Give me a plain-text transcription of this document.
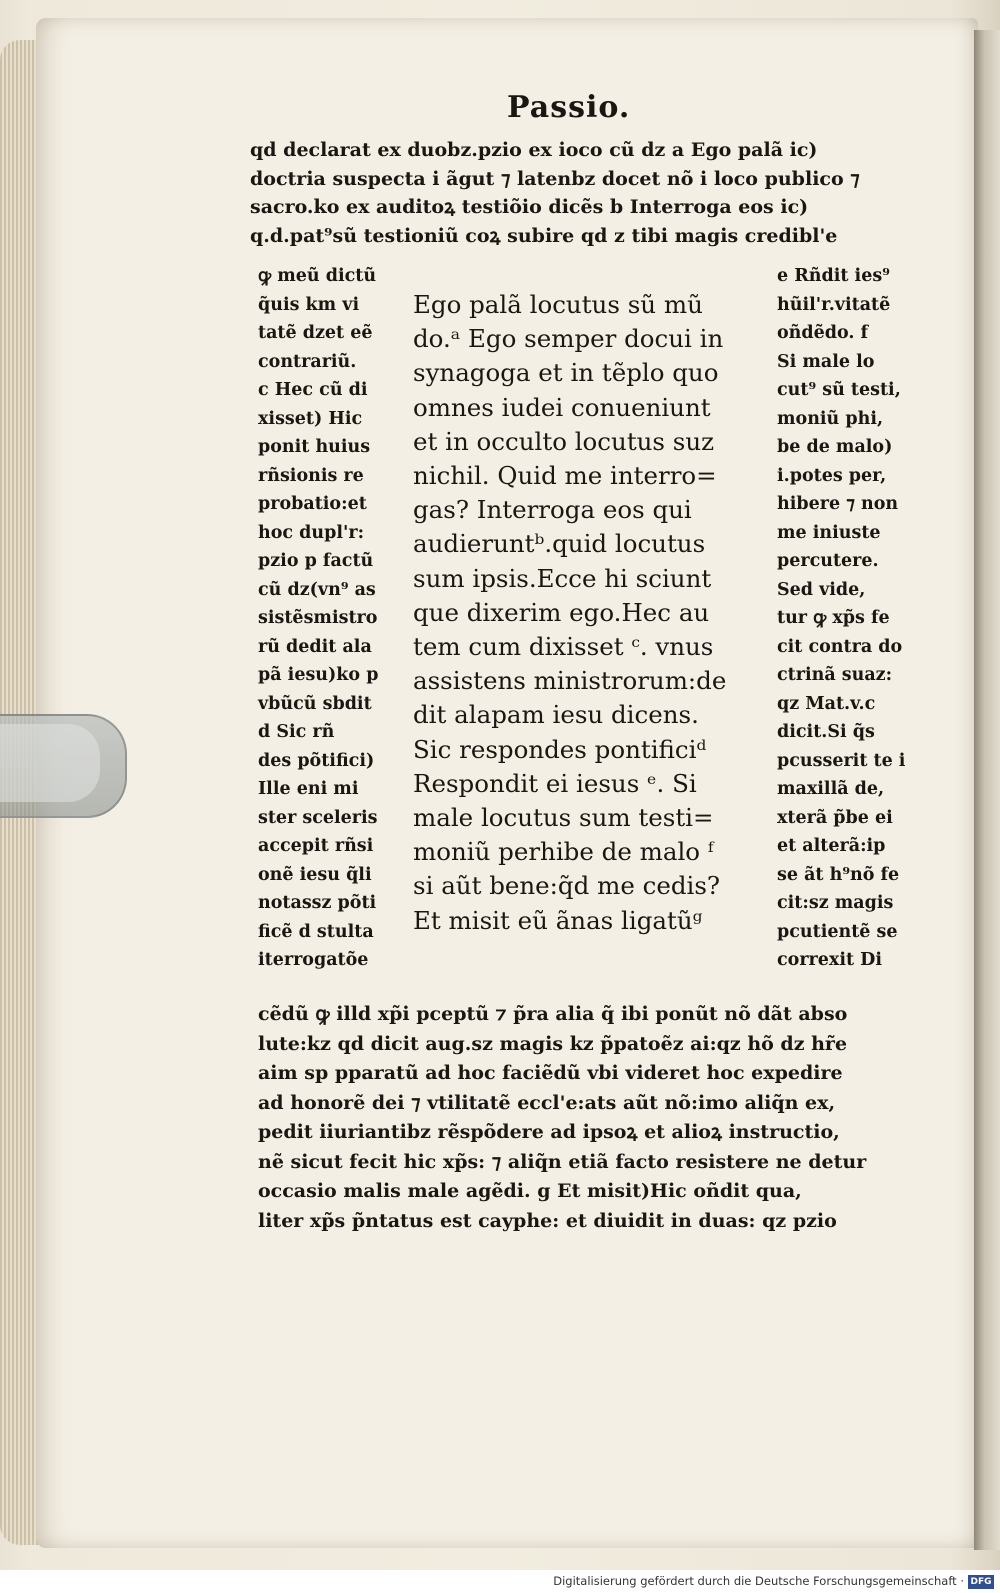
Passio.
qd declarat ex duobz.pzio ex ioco cũ dz a Ego palã ic)
doctria suspecta i ãgut ⁊ latenbz docet nõ i loco publico ⁊
sacro.ko ex auditoꝝ testiõio dicẽs b Interroga eos ic)
q.d.pat⁹sũ testioniũ coꝝ subire qd z tibi magis credibl'e
ꝙ meũ dictũ
q̃uis km vi
tatẽ dzet eẽ
contrariũ.
c Hec cũ di
xisset) Hic
ponit huius
rñsionis re
probatio:et
hoc dupl'r:
pzio p factũ
cũ dz(vn⁹ as
sistẽsmistro
rũ dedit ala
pã iesu)ko p
vbũcũ sbdit
d Sic rñ
des põtifici)
Ille eni mi
ster sceleris
accepit rñsi
onẽ iesu q̃li
notassz põti
ficẽ d stulta
iterrogatõe
Ego palã locutus sũ mũ
do.ᵃ Ego semper docui in
synagoga et in tẽplo quo
omnes iudei conueniunt
et in occulto locutus suz
nichil. Quid me interro=
gas? Interroga eos qui
audieruntᵇ.quid locutus
sum ipsis.Ecce hi sciunt
que dixerim ego.Hec au
tem cum dixisset ᶜ. vnus
assistens ministrorum:de
dit alapam iesu dicens.
Sic respondes pontificiᵈ
Respondit ei iesus ᵉ. Si
male locutus sum testi=
moniũ perhibe de malo ᶠ
si aũt bene:q̃d me cedis?
Et misit eũ ãnas ligatũᵍ
e Rñdit ies⁹
hũil'r.vitatẽ
oñdẽdo. f
Si male lo
cut⁹ sũ testi,
moniũ phi,
be de malo)
i.potes per,
hibere ⁊ non
me iniuste
percutere.
Sed vide,
tur ꝙ xp̃s fe
cit contra do
ctrinã suaz:
qz Mat.v.c
dicit.Si q̃s
pcusserit te i
maxillã de,
xterã p̃be ei
et alterã:ip
se ãt h⁹nõ fe
cit:sz magis
pcutientẽ se
correxit Di
cẽdũ ꝙ illd xp̃i pceptũ ⁊ p̃ra alia q̃ ibi ponũt nõ dãt abso
lute:kz qd dicit aug.sz magis kz p̃patoẽz ai:qz hõ dz hr̃e
aim sp pparatũ ad hoc faciẽdũ vbi videret hoc expedire
ad honorẽ dei ⁊ vtilitatẽ eccl'e:ats aũt nõ:imo aliq̃n ex,
pedit iiuriantibz rẽspõdere ad ipsoꝝ et alioꝝ instructio,
nẽ sicut fecit hic xp̃s: ⁊ aliq̃n etiã facto resistere ne detur
occasio malis male agẽdi. g Et misit)Hic oñdit qua,
liter xp̃s p̃ntatus est cayphe: et diuidit in duas: qz pzio
Digitalisierung gefördert durch die Deutsche Forschungsgemeinschaft · DFG
